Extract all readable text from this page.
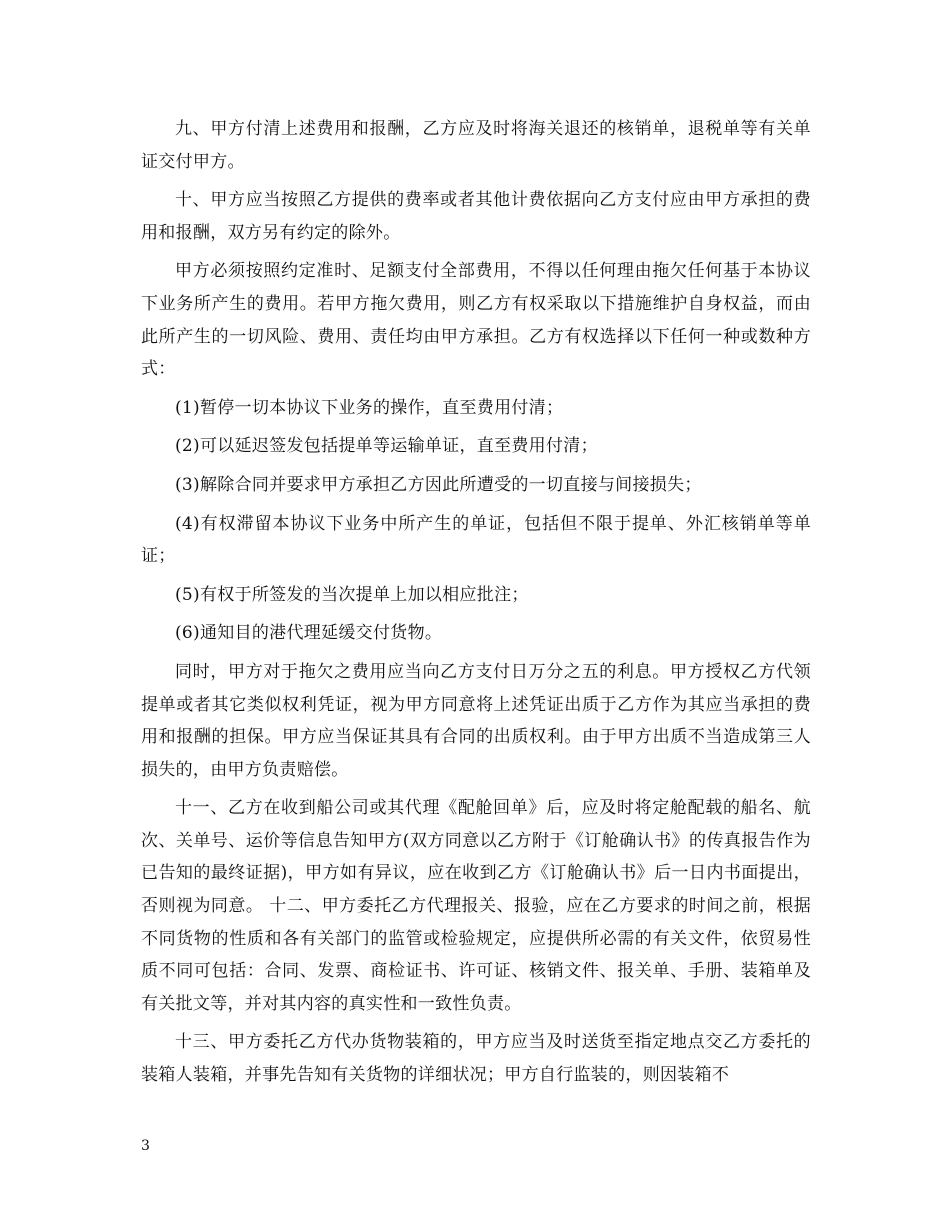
九、甲方付清上述费用和报酬，乙方应及时将海关退还的核销单，退税单等有关单证交付甲方。

十、甲方应当按照乙方提供的费率或者其他计费依据向乙方支付应由甲方承担的费用和报酬，双方另有约定的除外。

甲方必须按照约定准时、足额支付全部费用，不得以任何理由拖欠任何基于本协议下业务所产生的费用。若甲方拖欠费用，则乙方有权采取以下措施维护自身权益，而由此所产生的一切风险、费用、责任均由甲方承担。乙方有权选择以下任何一种或数种方式：

(1)暂停一切本协议下业务的操作，直至费用付清；

(2)可以延迟签发包括提单等运输单证，直至费用付清；

(3)解除合同并要求甲方承担乙方因此所遭受的一切直接与间接损失；

(4)有权滞留本协议下业务中所产生的单证，包括但不限于提单、外汇核销单等单证；

(5)有权于所签发的当次提单上加以相应批注；

(6)通知目的港代理延缓交付货物。

同时，甲方对于拖欠之费用应当向乙方支付日万分之五的利息。甲方授权乙方代领提单或者其它类似权利凭证，视为甲方同意将上述凭证出质于乙方作为其应当承担的费用和报酬的担保。甲方应当保证其具有合同的出质权利。由于甲方出质不当造成第三人损失的，由甲方负责赔偿。

十一、乙方在收到船公司或其代理《配舱回单》后，应及时将定舱配载的船名、航次、关单号、运价等信息告知甲方(双方同意以乙方附于《订舱确认书》的传真报告作为已告知的最终证据)，甲方如有异议，应在收到乙方《订舱确认书》后一日内书面提出，否则视为同意。 十二、甲方委托乙方代理报关、报验，应在乙方要求的时间之前，根据不同货物的性质和各有关部门的监管或检验规定，应提供所必需的有关文件，依贸易性质不同可包括：合同、发票、商检证书、许可证、核销文件、报关单、手册、装箱单及有关批文等，并对其内容的真实性和一致性负责。

十三、甲方委托乙方代办货物装箱的，甲方应当及时送货至指定地点交乙方委托的装箱人装箱，并事先告知有关货物的详细状况；甲方自行监装的，则因装箱不

3
